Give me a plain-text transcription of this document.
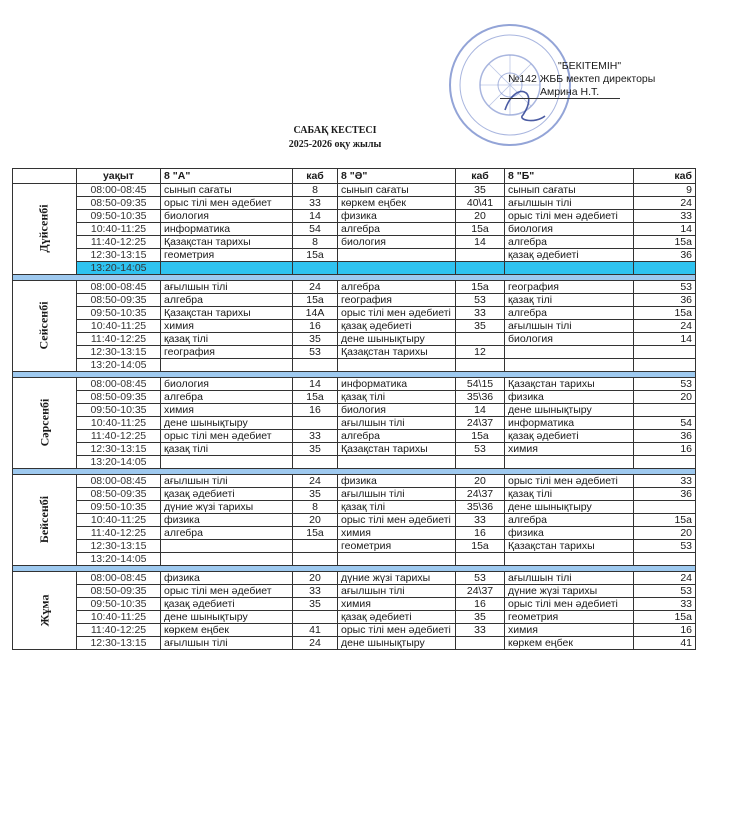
"БЕКІТЕМІН"
№142 ЖББ мектеп директоры
Амрина Н.Т.
САБАҚ КЕСТЕСІ
2025-2026 оқу жылы
	уақыт	8 "А"	каб	8 "Ә"	каб	8 "Б"	каб
Дүйсенбі	08:00-08:45	сынып сағаты	8	сынып сағаты	35	сынып сағаты	9
	08:50-09:35	орыс тілі мен әдебиет	33	көркем еңбек	40\41	ағылшын тілі	24
	09:50-10:35	биология	14	физика	20	орыс тілі мен әдебиеті	33
	10:40-11:25	информатика	54	алгебра	15а	биология	14
	11:40-12:25	Қазақстан тарихы	8	биология	14	алгебра	15а
	12:30-13:15	геометрия	15а			қазақ әдебиеті	36
	13:20-14:05						

Сейсенбі	08:00-08:45	ағылшын тілі	24	алгебра	15а	география	53
	08:50-09:35	алгебра	15а	география	53	қазақ тілі	36
	09:50-10:35	Қазақстан тарихы	14А	орыс тілі мен әдебиеті	33	алгебра	15а
	10:40-11:25	химия	16	қазақ әдебиеті	35	ағылшын тілі	24
	11:40-12:25	қазақ тілі	35	дене шынықтыру		биология	14
	12:30-13:15	география	53	Қазақстан тарихы	12		
	13:20-14:05						

Сәрсенбі	08:00-08:45	биология	14	информатика	54\15	Қазақстан тарихы	53
	08:50-09:35	алгебра	15а	қазақ тілі	35\36	физика	20
	09:50-10:35	химия	16	биология	14	дене шынықтыру	
	10:40-11:25	дене шынықтыру		ағылшын тілі	24\37	информатика	54
	11:40-12:25	орыс тілі мен әдебиет	33	алгебра	15а	қазақ әдебиеті	36
	12:30-13:15	қазақ тілі	35	Қазақстан тарихы	53	химия	16
	13:20-14:05						

Бейсенбі	08:00-08:45	ағылшын тілі	24	физика	20	орыс тілі мен әдебиеті	33
	08:50-09:35	қазақ әдебиеті	35	ағылшын тілі	24\37	қазақ тілі	36
	09:50-10:35	дүние жүзі тарихы	8	қазақ тілі	35\36	дене шынықтыру	
	10:40-11:25	физика	20	орыс тілі мен әдебиеті	33	алгебра	15а
	11:40-12:25	алгебра	15а	химия	16	физика	20
	12:30-13:15			геометрия	15а	Қазақстан тарихы	53
	13:20-14:05						

Жұма	08:00-08:45	физика	20	дүние жүзі тарихы	53	ағылшын тілі	24
	08:50-09:35	орыс тілі мен әдебиет	33	ағылшын тілі	24\37	дүние жүзі тарихы	53
	09:50-10:35	қазақ әдебиеті	35	химия	16	орыс тілі мен әдебиеті	33
	10:40-11:25	дене шынықтыру		қазақ әдебиеті	35	геометрия	15а
	11:40-12:25	көркем еңбек	41	орыс тілі мен әдебиеті	33	химия	16
	12:30-13:15	ағылшын тілі	24	дене шынықтыру		көркем еңбек	41
